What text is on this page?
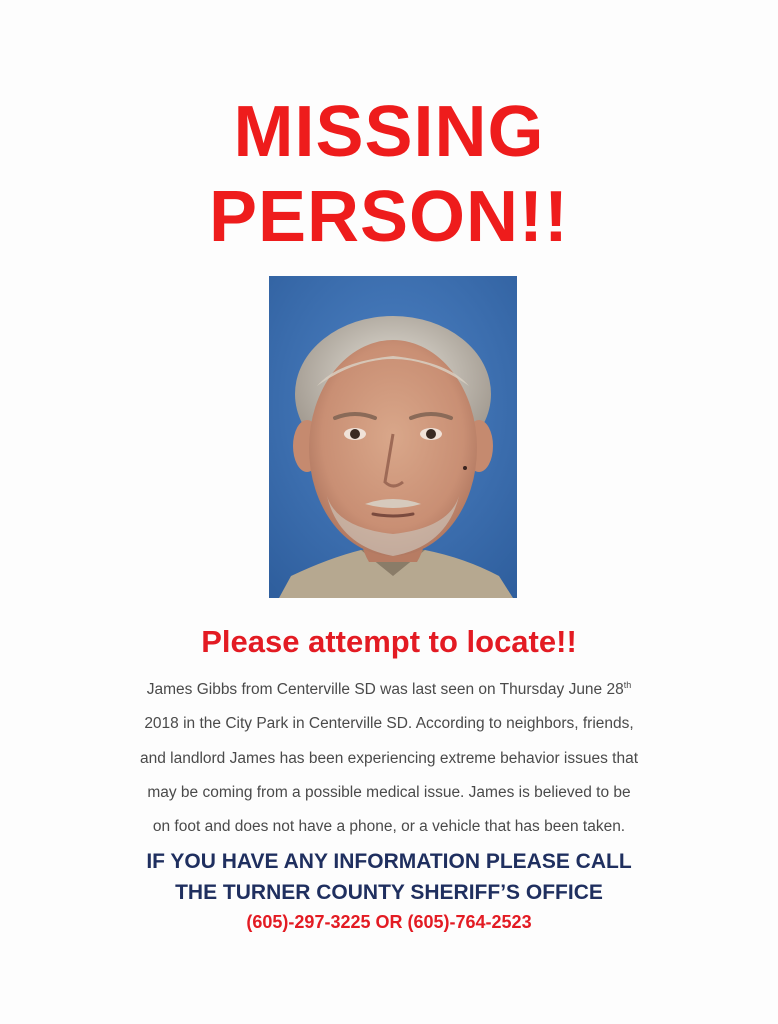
MISSING
PERSON!!
Please attempt to locate!!
James Gibbs from Centerville SD was last seen on Thursday June 28th
2018 in the City Park in Centerville SD. According to neighbors, friends,
and landlord James has been experiencing extreme behavior issues that
may be coming from a possible medical issue. James is believed to be
on foot and does not have a phone, or a vehicle that has been taken.
IF YOU HAVE ANY INFORMATION PLEASE CALL
THE TURNER COUNTY SHERIFF’S OFFICE
(605)-297-3225 OR (605)-764-2523
